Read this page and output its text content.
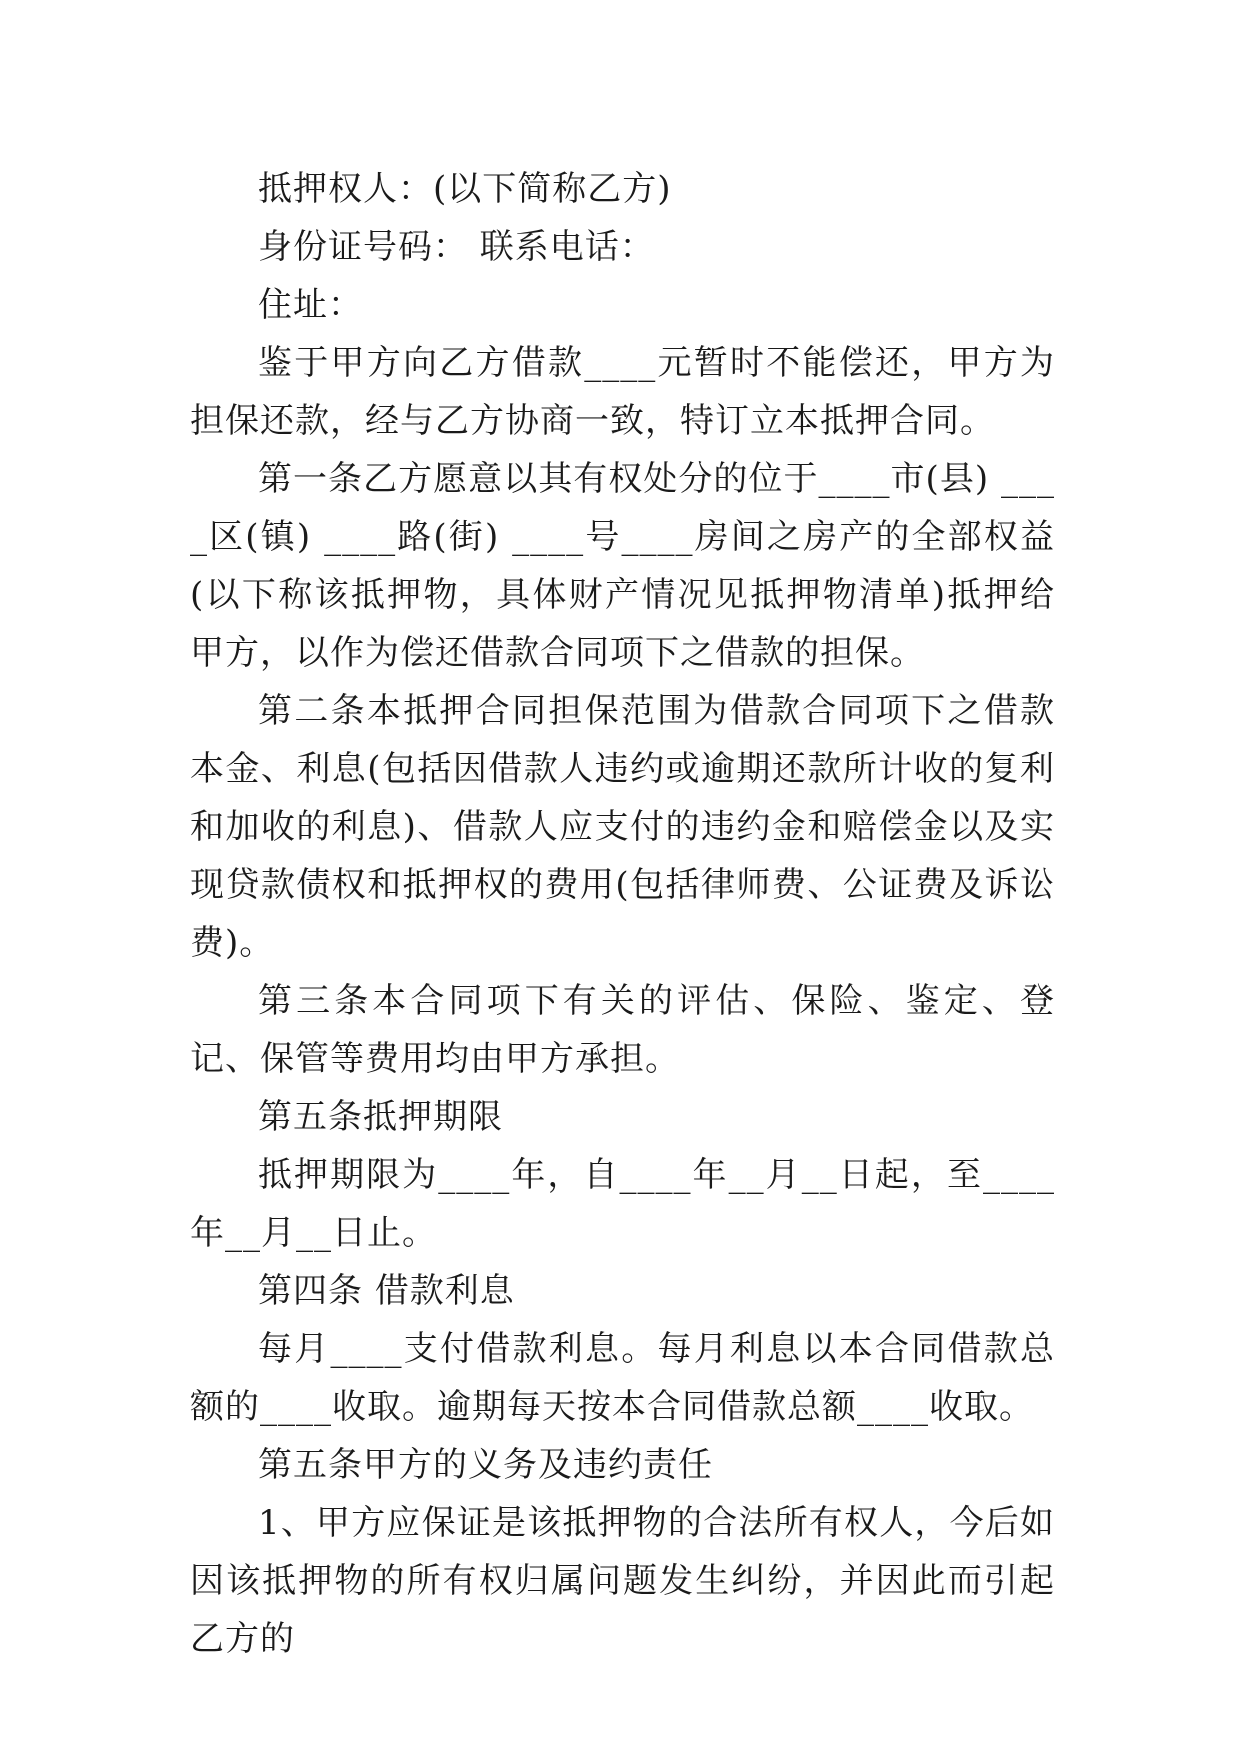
抵押权人：(以下简称乙方)

身份证号码： 联系电话：

住址：

鉴于甲方向乙方借款____元暂时不能偿还，甲方为担保还款，经与乙方协商一致，特订立本抵押合同。

第一条乙方愿意以其有权处分的位于____市(县) ____区(镇) ____路(街) ____号____房间之房产的全部权益(以下称该抵押物，具体财产情况见抵押物清单)抵押给甲方，以作为偿还借款合同项下之借款的担保。

第二条本抵押合同担保范围为借款合同项下之借款本金、利息(包括因借款人违约或逾期还款所计收的复利和加收的利息)、借款人应支付的违约金和赔偿金以及实现贷款债权和抵押权的费用(包括律师费、公证费及诉讼费)。

第三条本合同项下有关的评估、保险、鉴定、登记、保管等费用均由甲方承担。

第五条抵押期限

抵押期限为____年，自____年__月__日起，至____年__月__日止。

第四条 借款利息

每月____支付借款利息。每月利息以本合同借款总额的____收取。逾期每天按本合同借款总额____收取。

第五条甲方的义务及违约责任

1、甲方应保证是该抵押物的合法所有权人，今后如因该抵押物的所有权归属问题发生纠纷，并因此而引起乙方的
